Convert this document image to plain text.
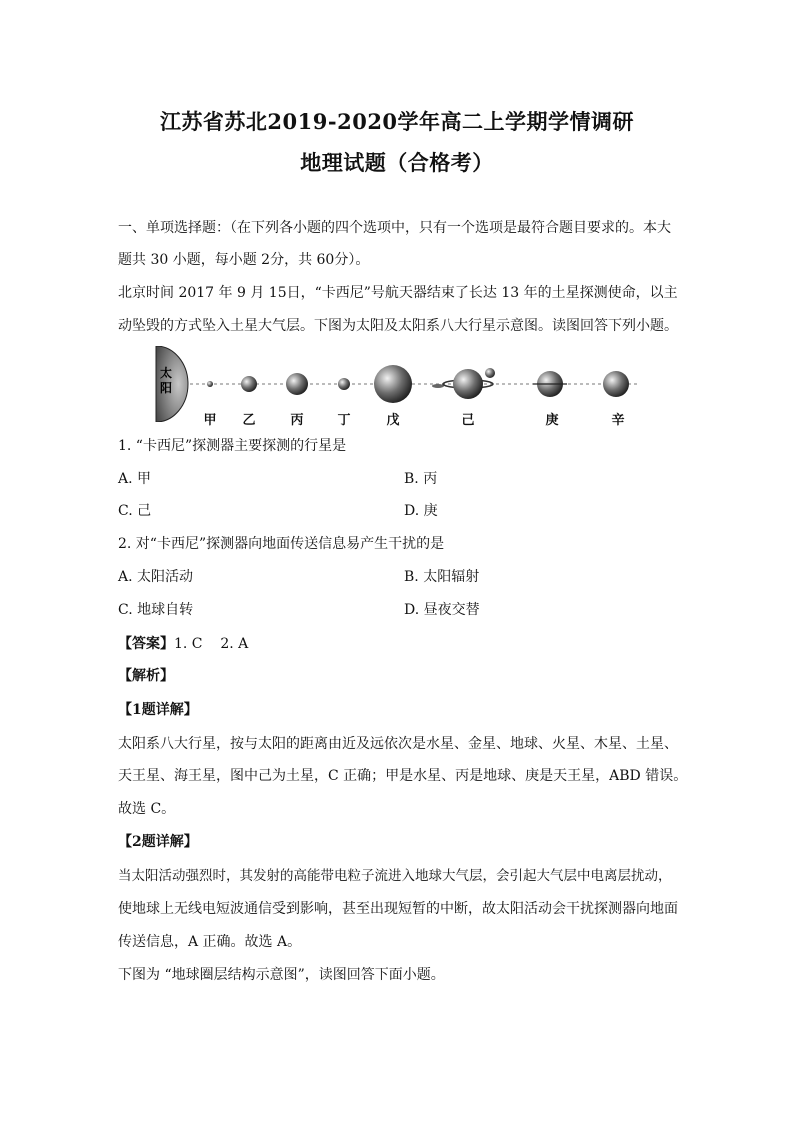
江苏省苏北2019-2020学年高二上学期学情调研
地理试题（合格考）
一、单项选择题：（在下列各小题的四个选项中，只有一个选项是最符合题目要求的。本大
题共 30 小题，每小题 2分，共 60分）。
北京时间 2017 年 9 月 15日，“卡西尼”号航天器结束了长达 13 年的土星探测使命，以主
动坠毁的方式坠入土星大气层。下图为太阳及太阳系八大行星示意图。读图回答下列小题。
太
阳
甲 乙	丙	丁	戊	己	庚	辛
1. “卡西尼”探测器主要探测的行星是
A. 甲	B. 丙
C. 己	D. 庚
2. 对“卡西尼”探测器向地面传送信息易产生干扰的是
A. 太阳活动	B. 太阳辐射
C. 地球自转	D. 昼夜交替
【答案】1. C    2. A
【解析】
【1题详解】
太阳系八大行星，按与太阳的距离由近及远依次是水星、金星、地球、火星、木星、土星、
天王星、海王星，图中己为土星，C 正确；甲是水星、丙是地球、庚是天王星，ABD 错误。
故选 C。
【2题详解】
当太阳活动强烈时，其发射的高能带电粒子流进入地球大气层，会引起大气层中电离层扰动，
使地球上无线电短波通信受到影响，甚至出现短暂的中断，故太阳活动会干扰探测器向地面
传送信息，A 正确。故选 A。
下图为 “地球圈层结构示意图”，读图回答下面小题。
